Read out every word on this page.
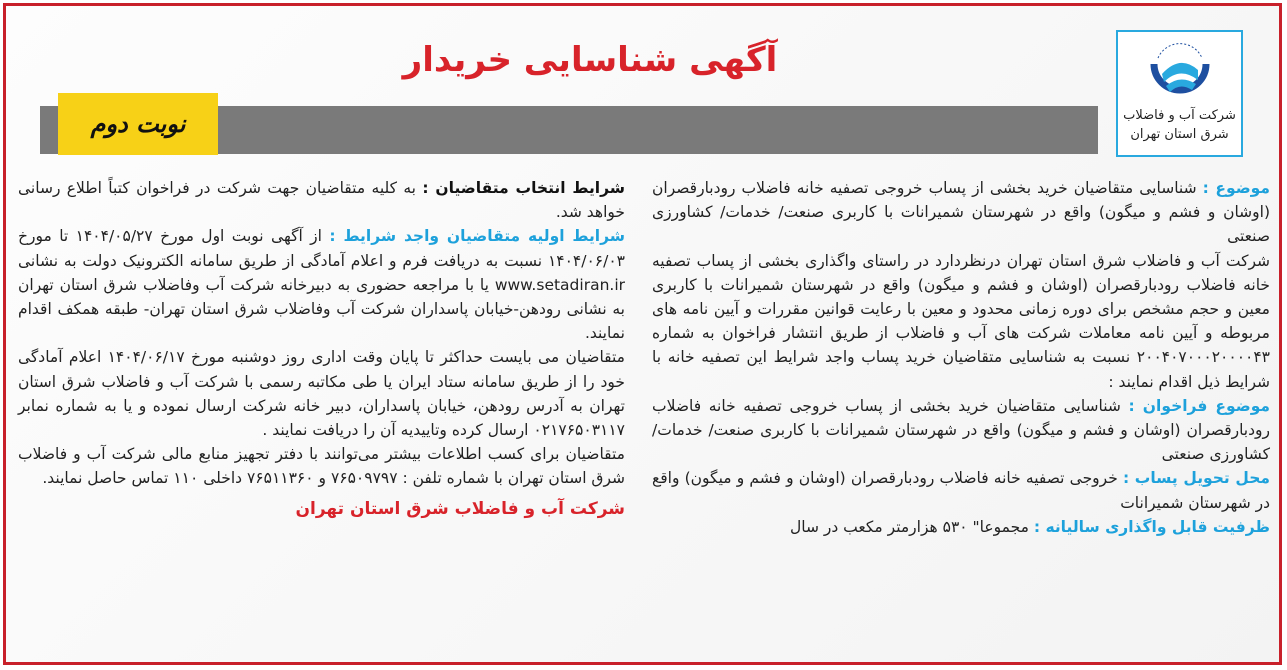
آگهی شناسایی خریدار
نوبت دوم	شرکت آب و فاضلاب
شرق استان تهران

موضوع : شناسایی متقاضیان خرید بخشی از پساب خروجی تصفیه خانه فاضلاب رودبارقصران (اوشان و فشم و میگون) واقع در شهرستان شمیرانات با کاربری صنعت/ خدمات/ کشاورزی صنعتی

شرکت آب و فاضلاب شرق استان تهران درنظردارد در راستای واگذاری بخشی از پساب تصفیه خانه فاضلاب رودبارقصران (اوشان و فشم و میگون) واقع در شهرستان شمیرانات با کاربری معین و حجم مشخص برای دوره زمانی محدود و معین با رعایت قوانین مقررات و آیین نامه های مربوطه و آیین نامه معاملات شرکت های آب و فاضلاب از طریق انتشار فراخوان به شماره ۲۰۰۴۰۷۰۰۰۲۰۰۰۰۴۳ نسبت به شناسایی متقاضیان خرید پساب واجد شرایط این تصفیه خانه با شرایط ذیل اقدام نمایند :

موضوع فراخوان : شناسایی متقاضیان خرید بخشی از پساب خروجی تصفیه خانه فاضلاب رودبارقصران (اوشان و فشم و میگون) واقع در شهرستان شمیرانات با کاربری صنعت/ خدمات/ کشاورزی صنعتی

محل تحویل پساب : خروجی تصفیه خانه فاضلاب رودبارقصران (اوشان و فشم و میگون) واقع در شهرستان شمیرانات

ظرفیت قابل واگذاری سالیانه : مجموعا" ۵۳۰ هزارمتر مکعب در سال

شرایط انتخاب متقاضیان : به کلیه متقاضیان جهت شرکت در فراخوان کتباً اطلاع رسانی خواهد شد.

شرایط اولیه متقاضیان واجد شرایط : از آگهی نوبت اول مورخ ۱۴۰۴/۰۵/۲۷ تا مورخ ۱۴۰۴/۰۶/۰۳ نسبت به دریافت فرم و اعلام آمادگی از طریق سامانه الکترونیک دولت به نشانی www.setadiran.ir یا با مراجعه حضوری به دبیرخانه شرکت آب وفاضلاب شرق استان تهران به نشانی رودهن-خیابان پاسداران شرکت آب وفاضلاب شرق استان تهران- طبقه همکف اقدام نمایند.

متقاضیان می بایست حداکثر تا پایان وقت اداری روز دوشنبه مورخ ۱۴۰۴/۰۶/۱۷ اعلام آمادگی خود را از طریق سامانه ستاد ایران یا طی مکاتبه رسمی با شرکت آب و فاضلاب شرق استان تهران به آدرس رودهن، خیابان پاسداران، دبیر خانه شرکت ارسال نموده و یا به شماره نمابر ۰۲۱۷۶۵۰۳۱۱۷ ارسال کرده وتاییدیه آن را دریافت نمایند .

متقاضیان برای کسب اطلاعات بیشتر می‌توانند با دفتر تجهیز منابع مالی شرکت آب و فاضلاب شرق استان تهران با شماره تلفن : ۷۶۵۰۹۷۹۷ و ۷۶۵۱۱۳۶۰ داخلی ۱۱۰ تماس حاصل نمایند.

شرکت آب و فاضلاب شرق استان تهران
